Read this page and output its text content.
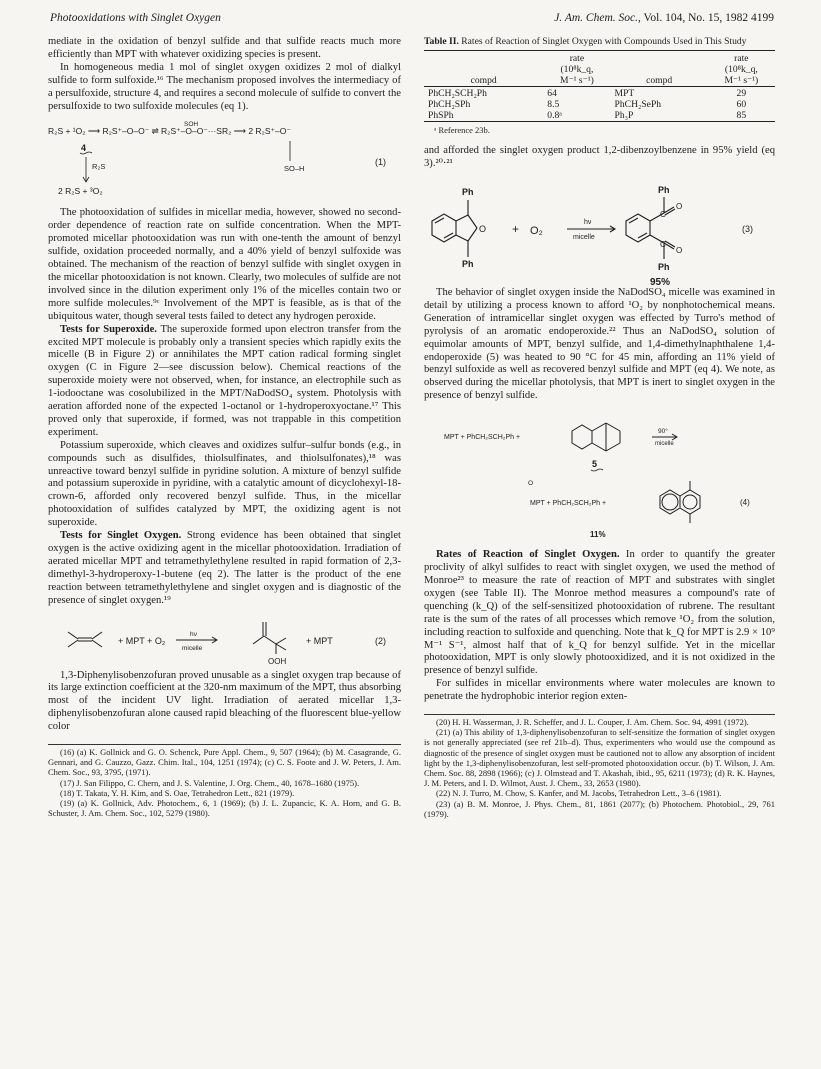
Photooxidations with Singlet Oxygen	J. Am. Chem. Soc., Vol. 104, No. 15, 1982 4199

mediate in the oxidation of benzyl sulfide and that sulfide reacts much more efficiently than MPT with whatever oxidizing species is present.

In homogeneous media 1 mol of singlet oxygen oxidizes 2 mol of dialkyl sulfide to form sulfoxide.¹⁶ The mechanism proposed involves the intermediacy of a persulfoxide, structure 4, and requires a second molecule of sulfide to convert the persulfoxide to two sulfoxide molecules (eq 1).

R₂S + ¹O₂ ⟶ R₂S⁺–O–O⁻ ⇌ R₂S⁺–O–O⁻···SR₂ ⟶ 2 R₂S⁺–O⁻
SOH
4
R₂S	SO–H
2 R₂S + ³O₂
(1)

The photooxidation of sulfides in micellar media, however, showed no second-order dependence of reaction rate on sulfide concentration. When the MPT-promoted micellar photooxidation was run with one-tenth the amount of benzyl sulfide, oxidation proceeded normally, and a 40% yield of benzyl sulfoxide was obtained. The mechanism of the reaction of benzyl sulfide with singlet oxygen in the micellar photooxidation is not known. Clearly, two molecules of sulfide are not involved since in the dilution experiment only 1% of the micelles contain two or more sulfide molecules.⁹ᶜ Involvement of the MPT is feasible, as is that of the ubiquitous water, though several tests failed to detect any hydrogen peroxide.

Tests for Superoxide. The superoxide formed upon electron transfer from the excited MPT molecule is probably only a transient species which rapidly exits the micelle (B in Figure 2) or annihilates the MPT cation radical forming singlet oxygen (C in Figure 2—see discussion below). Chemical reactions of the superoxide moiety were not observed, when, for instance, an electrophile such as 1-iodooctane was cosolubilized in the MPT/NaDodSO₄ system. Photolysis with aeration afforded none of the expected 1-octanol or 1-hydroperoxyoctane.¹⁷ This proved only that superoxide, if formed, was not trappable in this competition experiment.

Potassium superoxide, which cleaves and oxidizes sulfur–sulfur bonds (e.g., in compounds such as disulfides, thiolsulfinates, and thiolsulfonates),¹⁸ was unreactive toward benzyl sulfide in pyridine solution. A mixture of benzyl sulfide and potassium superoxide in pyridine, with a catalytic amount of dicyclohexyl-18-crown-6, afforded only recovered benzyl sulfide. Thus, in the micellar photooxidation of sulfides catalyzed by MPT, the oxidizing agent is not superoxide.

Tests for Singlet Oxygen. Strong evidence has been obtained that singlet oxygen is the active oxidizing agent in the micellar photooxidation. Irradiation of aerated micellar MPT and tetramethylethylene resulted in rapid formation of 2,3-dimethyl-3-hydroperoxy-1-butene (eq 2). The latter is the product of the ene reaction between tetramethylethylene and singlet oxygen and is diagnostic of the presence of singlet oxygen.¹⁹

+ MPT + O₂
hν
micelle
OOH
+ MPT	(2)

1,3-Diphenylisobenzofuran proved unusable as a singlet oxygen trap because of its large extinction coefficient at the 320-nm maximum of the MPT, thus absorbing most of the incident UV light. Irradiation of aerated micellar 1,3-diphenylisobenzofuran alone caused rapid bleaching of the fluorescent blue-yellow color

(16) (a) K. Gollnick and G. O. Schenck, Pure Appl. Chem., 9, 507 (1964); (b) M. Casagrande, G. Gennari, and G. Cauzzo, Gazz. Chim. Ital., 104, 1251 (1974); (c) C. S. Foote and J. W. Peters, J. Am. Chem. Soc., 93, 3795, (1971).

(17) J. San Filippo, C. Chern, and J. S. Valentine, J. Org. Chem., 40, 1678–1680 (1975).

(18) T. Takata, Y. H. Kim, and S. Oae, Tetrahedron Lett., 821 (1979).

(19) (a) K. Gollnick, Adv. Photochem., 6, 1 (1969); (b) J. L. Zupancic, K. A. Horn, and G. B. Schuster, J. Am. Chem. Soc., 102, 5279 (1980).

Table II. Rates of Reaction of Singlet Oxygen with Compounds Used in This Study

compd	rate
(10⁸k_q,
M⁻¹ s⁻¹)	compd	rate
(10⁸k_q,
M⁻¹ s⁻¹)

PhCH₂SCH₂Ph	64	MPT	29
PhCH₂SPh	8.5	PhCH₂SePh	60
PhSPh	0.8ᵃ	Ph₃P	85

ᵃ Reference 23b.

and afforded the singlet oxygen product 1,2-dibenzoylbenzene in 95% yield (eq 3).²⁰·²¹

Ph
Ph
O + O₂
hν
micelle
Ph
Ph
C
C
O
O
(3)
95%

The behavior of singlet oxygen inside the NaDodSO₄ micelle was examined in detail by utilizing a process known to afford ¹O₂ by nonphotochemical means. Generation of intramicellar singlet oxygen was effected by Turro's method of pyrolysis of an aromatic endoperoxide.²² Thus an NaDodSO₄ solution of equimolar amounts of MPT, benzyl sulfide, and 1,4-dimethylnaphthalene 1,4-endoperoxide (5) was heated to 90 °C for 45 min, affording an 11% yield of benzyl sulfoxide as well as recovered benzyl sulfide and MPT (eq 4). We note, as observed during the micellar photolysis, that MPT is inert to singlet oxygen in the presence of benzyl sulfide.

MPT + PhCH₂SCH₂Ph +
90°
micelle
5
O
MPT + PhCH₂SCH₂Ph +	(4)
11%

Rates of Reaction of Singlet Oxygen. In order to quantify the greater proclivity of alkyl sulfides to react with singlet oxygen, we used the method of Monroe²³ to measure the rate of reaction of MPT and substrates with singlet oxygen (see Table II). The Monroe method measures a compound's rate of quenching (k_Q) of the self-sensitized photooxidation of rubrene. The resultant rate is the sum of the rates of all processes which remove ¹O₂ from the solution, including reaction to sulfoxide and quenching. Note that k_Q for MPT is 2.9 × 10⁹ M⁻¹ S⁻¹, almost half that of k_Q for benzyl sulfide. Yet in the micellar photooxidation, MPT is only slowly photooxidized, and it is not oxidized in the presence of benzyl sulfide.

For sulfides in micellar environments where water molecules are known to penetrate the hydrophobic interior region exten-

(20) H. H. Wasserman, J. R. Scheffer, and J. L. Couper, J. Am. Chem. Soc. 94, 4991 (1972).

(21) (a) This ability of 1,3-diphenylisobenzofuran to self-sensitize the formation of singlet oxygen is not generally appreciated (see ref 21b–d). Thus, experimenters who would use the compound as diagnostic of the presence of singlet oxygen must be cautioned not to allow any absorption of incident light by the 1,3-diphenylisobenzofuran, lest self-promoted photooxidation occur. (b) T. Wilson, J. Am. Chem. Soc. 88, 2898 (1966); (c) J. Olmstead and T. Akashah, ibid., 95, 6211 (1973); (d) R. K. Haynes, J. M. Peters, and I. D. Wilmot, Aust. J. Chem., 33, 2653 (1980).

(22) N. J. Turro, M. Chow, S. Kanfer, and M. Jacobs, Tetrahedron Lett., 3–6 (1981).

(23) (a) B. M. Monroe, J. Phys. Chem., 81, 1861 (2077); (b) Photochem. Photobiol., 29, 761 (1979).
